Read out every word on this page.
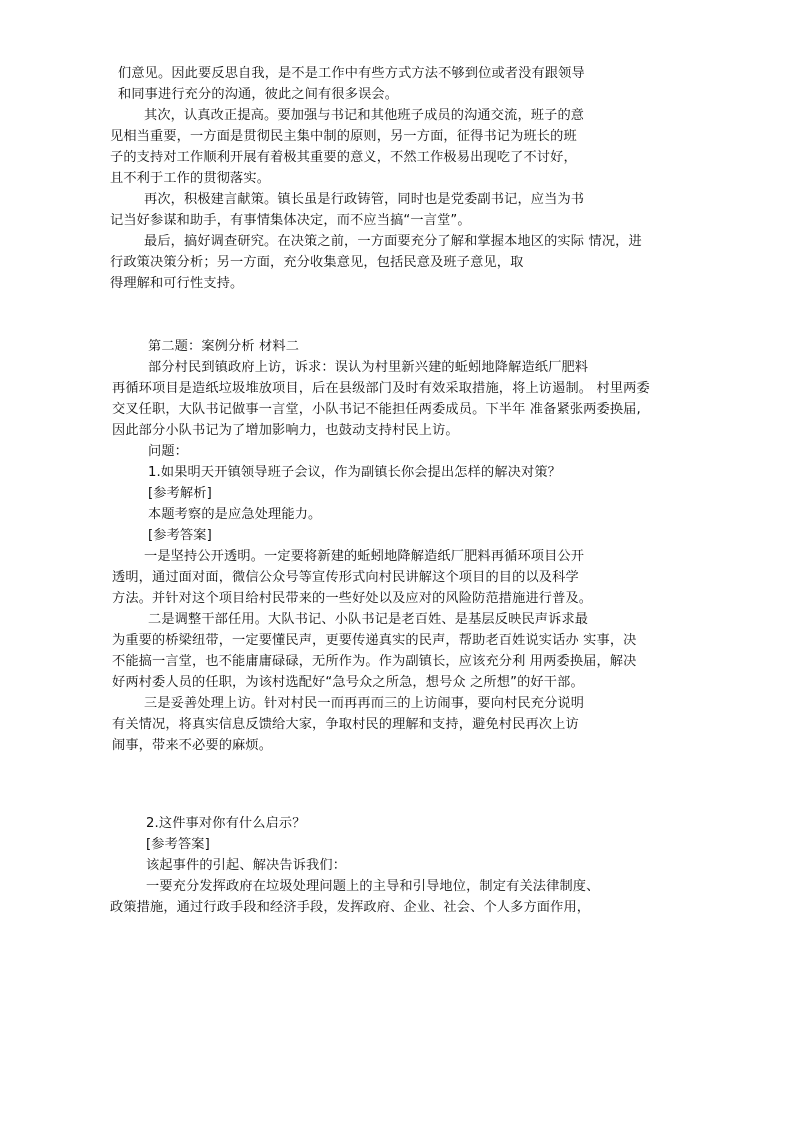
们意见。因此要反思自我，是不是工作中有些方式方法不够到位或者没有跟领导
和同事进行充分的沟通，彼此之间有很多误会。
其次，认真改正提高。要加强与书记和其他班子成员的沟通交流，班子的意
见相当重要，一方面是贯彻民主集中制的原则，另一方面，征得书记为班长的班
子的支持对工作顺利开展有着极其重要的意义，不然工作极易出现吃了不讨好，
且不利于工作的贯彻落实。
再次，积极建言献策。镇长虽是行政铸管，同时也是党委副书记，应当为书
记当好参谋和助手，有事情集体决定，而不应当搞“一言堂”。
最后，搞好调查研究。在决策之前，一方面要充分了解和掌握本地区的实际 情况，进
行政策决策分析；另一方面，充分收集意见，包括民意及班子意见，取
得理解和可行性支持。
第二题：案例分析 材料二
部分村民到镇政府上访，诉求：误认为村里新兴建的蚯蚓地降解造纸厂肥料
再循环项目是造纸垃圾堆放项目，后在县级部门及时有效采取措施，将上访遏制。 村里两委
交叉任职，大队书记做事一言堂，小队书记不能担任两委成员。下半年 准备紧张两委换届,
因此部分小队书记为了增加影响力，也鼓动支持村民上访。
问题：
1.如果明天开镇领导班子会议，作为副镇长你会提出怎样的解决对策？
[参考解析]
本题考察的是应急处理能力。
[参考答案]
一是坚持公开透明。一定要将新建的蚯蚓地降解造纸厂肥料再循环项目公开
透明，通过面对面，微信公众号等宣传形式向村民讲解这个项目的目的以及科学
方法。并针对这个项目给村民带来的一些好处以及应对的风险防范措施进行普及。
二是调整干部任用。大队书记、小队书记是老百姓、是基层反映民声诉求最
为重要的桥梁纽带，一定要懂民声，更要传递真实的民声，帮助老百姓说实话办 实事，决
不能搞一言堂，也不能庸庸碌碌，无所作为。作为副镇长，应该充分利 用两委换届，解决
好两村委人员的任职，为该村选配好“急号众之所急，想号众 之所想”的好干部。
三是妥善处理上访。针对村民一而再再而三的上访闹事，要向村民充分说明
有关情况，将真实信息反馈给大家，争取村民的理解和支持，避免村民再次上访
闹事，带来不必要的麻烦。
2.这件事对你有什么启示？
[参考答案]
该起事件的引起、解决告诉我们：
一要充分发挥政府在垃圾处理问题上的主导和引导地位，制定有关法律制度、
政策措施，通过行政手段和经济手段，发挥政府、企业、社会、个人多方面作用，
